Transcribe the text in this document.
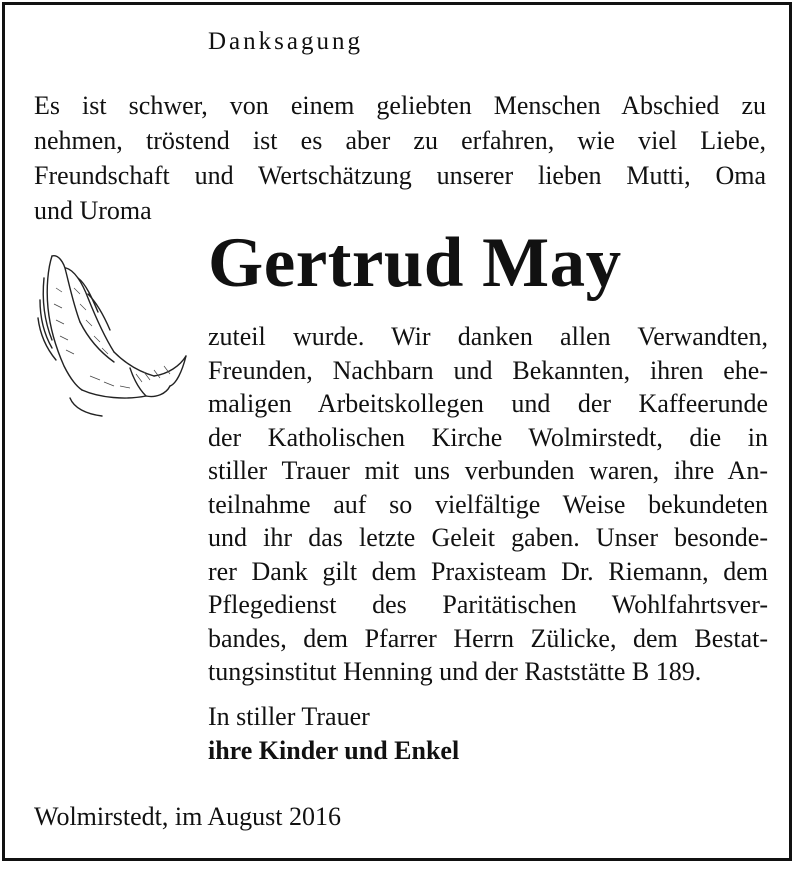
Danksagung
Es ist schwer, von einem geliebten Menschen Abschied zu
nehmen, tröstend ist es aber zu erfahren, wie viel Liebe,
Freundschaft und Wertschätzung unserer lieben Mutti, Oma
und Uroma
Gertrud May
zuteil wurde. Wir danken allen Verwandten,
Freunden, Nachbarn und Bekannten, ihren ehe-
maligen Arbeitskollegen und der Kaffeerunde
der Katholischen Kirche Wolmirstedt, die in
stiller Trauer mit uns verbunden waren, ihre An-
teilnahme auf so vielfältige Weise bekundeten
und ihr das letzte Geleit gaben. Unser besonde-
rer Dank gilt dem Praxisteam Dr. Riemann, dem
Pflegedienst des Paritätischen Wohlfahrtsver-
bandes, dem Pfarrer Herrn Zülicke, dem Bestat-
tungsinstitut Henning und der Raststätte B 189.
In stiller Trauer
ihre Kinder und Enkel
Wolmirstedt, im August 2016
